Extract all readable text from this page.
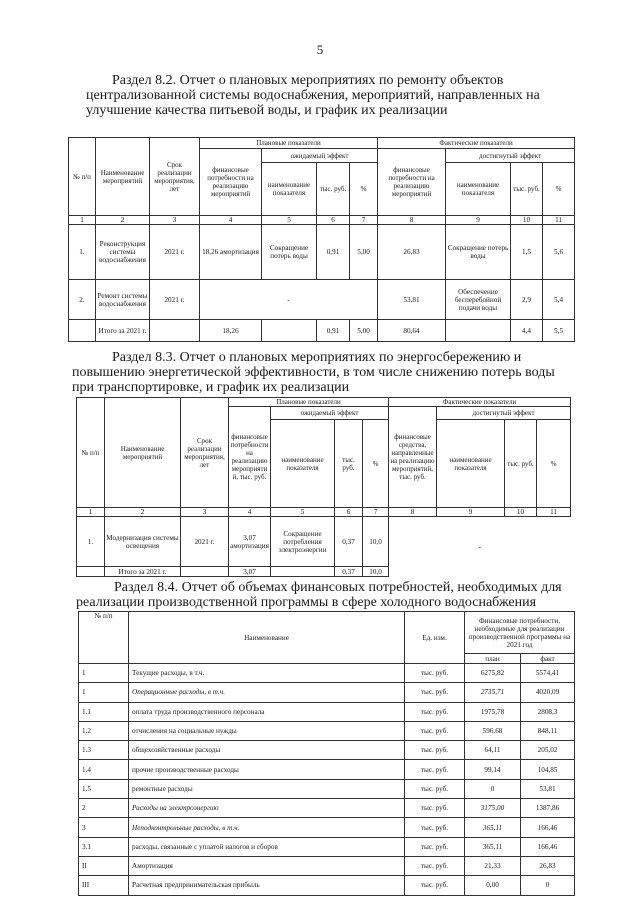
5
Раздел 8.2. Отчет о плановых мероприятиях по ремонту объектов
централизованной системы водоснабжения, мероприятий, направленных на
улучшение качества питьевой воды, и график их реализации
№ п/п	Наименование мероприятий	Срок реализации мероприятия, лет	Плановые показатели				Фактические показатели			
			финансовые потребности на реализацию мероприятий	ожидаемый эффект			финансовые потребности на реализацию мероприятий	достигнутый эффект		
				наименование показателя	тыс. руб.	%		наименование показателя	тыс. руб.	%
1	2	3	4	5	6	7	8	9	10	11
1.	Реконструкция системы водоснабжения	2021 г.	18,26 амортизация	Сокращение потерь воды	0,91	5,00	26,83	Сокращение потерь воды	1,5	5,6
2.	Ремонт системы водоснабжения	2021 г.	-				53,81	Обеспечение бесперебойной подачи воды	2,9	5,4
	Итого за 2021 г.		18,26		0,91	5,00	80,64		4,4	5,5
Раздел 8.3. Отчет о плановых мероприятиях по энергосбережению и
повышению энергетической эффективности, в том числе снижению потерь воды
при транспортировке, и график их реализации
№ п/п	Наименование мероприятий	Срок реализации мероприятия, лет	Плановые показатели				Фактические показатели			
			финансовые потребности на реализацию мероприятий, тыс. руб.	ожидаемый эффект			финансовые средства, направленные на реализацию мероприятий, тыс. руб.	достигнутый эффект		
				наименование показателя	тыс. руб.	%		наименование показателя	тыс. руб.	%
1	2	3	4	5	6	7	8	9	10	11
1.	Модернизация системы освещения	2021 г.	3,07 амортизация	Сокращение потребления электроэнергии	0,37	10,0	-			
	Итого за 2021 г.		3,07		0,37	10,0				
Раздел 8.4. Отчет об объемах финансовых потребностей, необходимых для
реализации производственной программы в сфере холодного водоснабжения
№ п/п	Наименование	Ед. изм.	Финансовые потребности, необходимые для реализации производственной программы на 2021 год	
			план	факт
1	Текущие расходы, в т.ч.	тыс. руб.	6275,82	5574,41
1	Операционные расходы, в т.ч.	тыс. руб.	2735,71	4020,09
1.1	оплата труда производственного персонала	тыс. руб.	1975,78	2808,3
1.2	отчисления на социальные нужды	тыс. руб.	596,68	848,11
1.3	общехозяйственные расходы	тыс. руб.	64,11	205,02
1.4	прочие производственные расходы	тыс. руб.	99,14	104,85
1.5	ремонтные расходы	тыс. руб.	0	53,81
2	Расходы на электроэнергию	тыс. руб.	3175,00	1387,86
3	Неподконтрольные расходы, в т.ч.	тыс. руб.	365,11	166,46
3.1	расходы, связанные с уплатой налогов и сборов	тыс. руб.	365,11	166,46
II	Амортизация	тыс. руб.	21,33	26,83
III	Расчетная предпринимательская прибыль	тыс. руб.	0,00	0
